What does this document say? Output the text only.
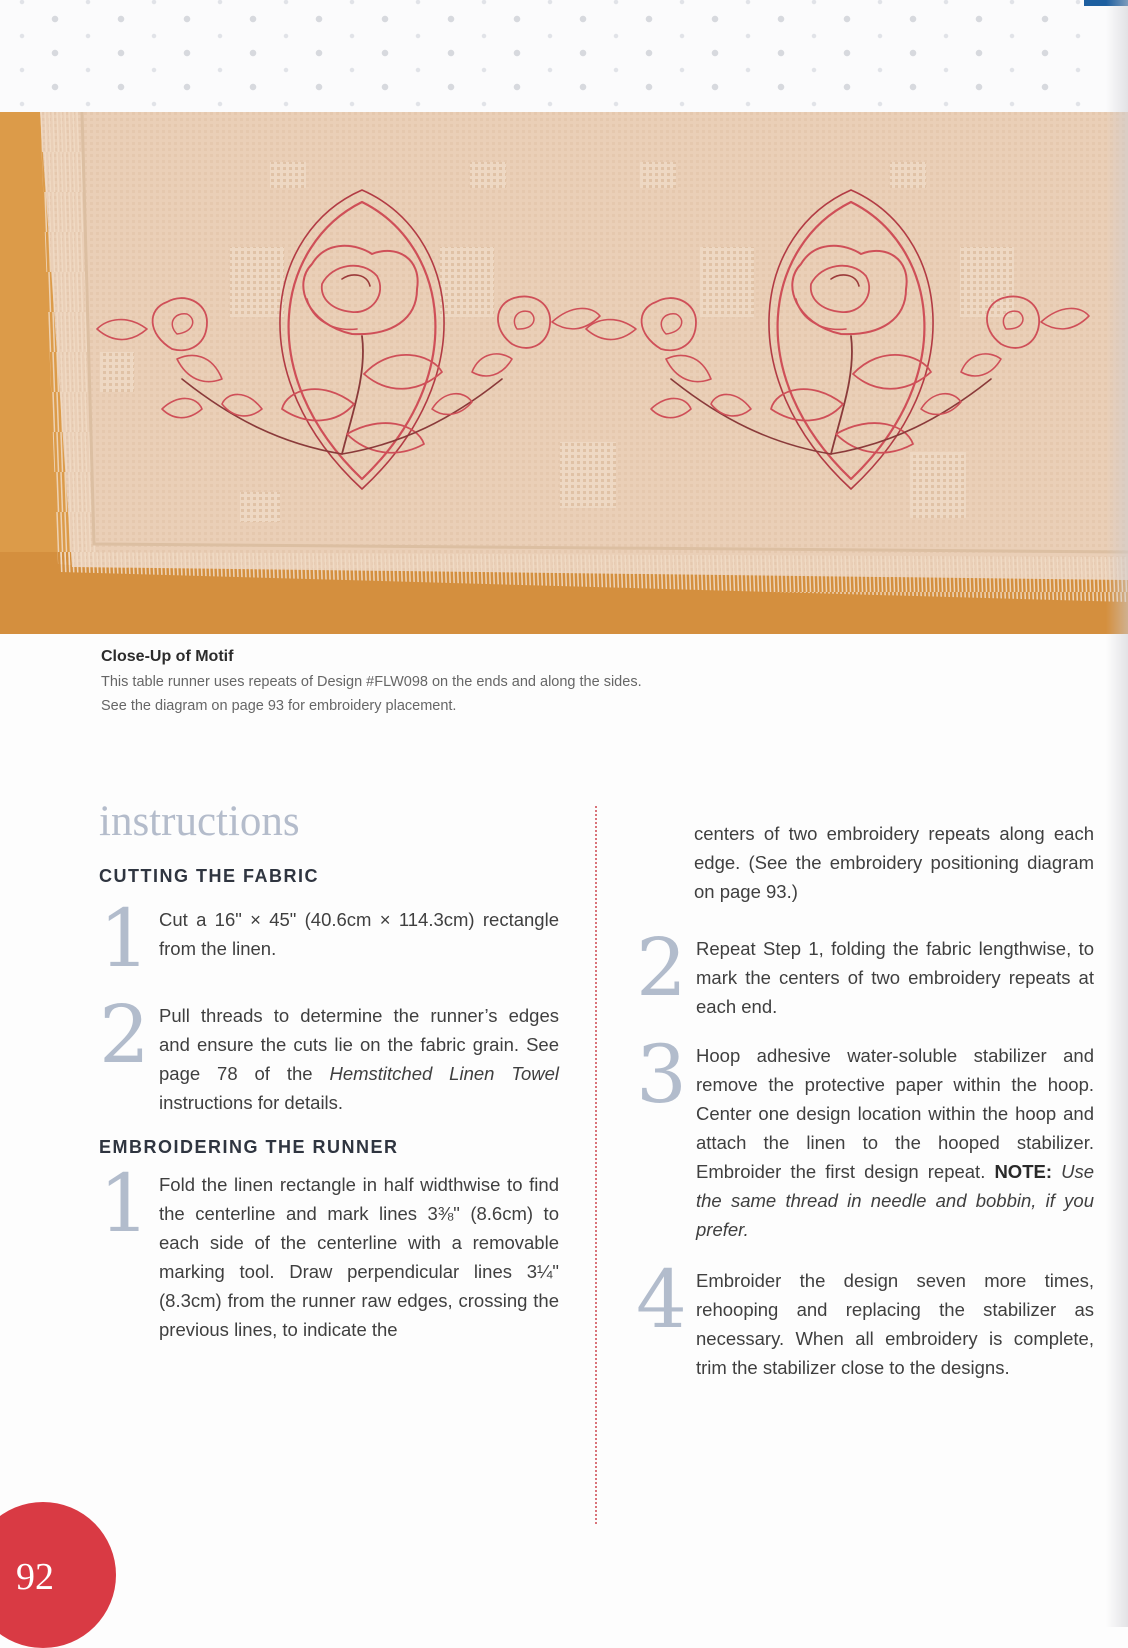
Close-Up of Motif

This table runner uses repeats of Design #FLW098 on the ends and along the sides.

See the diagram on page 93 for embroidery placement.

instructions
CUTTING THE FABRIC
1 Cut a 16" × 45" (40.6cm × 114.3cm) rectangle from the linen.

2 Pull threads to determine the runner’s edges and ensure the cuts lie on the fabric grain. See page 78 of the Hemstitched Linen Towel instructions for details.

EMBROIDERING THE RUNNER
1 Fold the linen rectangle in half widthwise to find the centerline and mark lines 3⅜" (8.6cm) to each side of the centerline with a removable marking tool. Draw perpendicular lines 3¼" (8.3cm) from the runner raw edges, crossing the previous lines, to indicate the

centers of two embroidery repeats along each edge. (See the embroidery positioning diagram on page 93.)

2 Repeat Step 1, folding the fabric lengthwise, to mark the centers of two embroidery repeats at each end.

3 Hoop adhesive water-soluble stabilizer and remove the protective paper within the hoop. Center one design location within the hoop and attach the linen to the hooped stabilizer. Embroider the first design repeat. NOTE: Use the same thread in needle and bobbin, if you prefer.

4 Embroider the design seven more times, rehooping and replacing the stabilizer as necessary. When all embroidery is complete, trim the stabilizer close to the designs.

92
